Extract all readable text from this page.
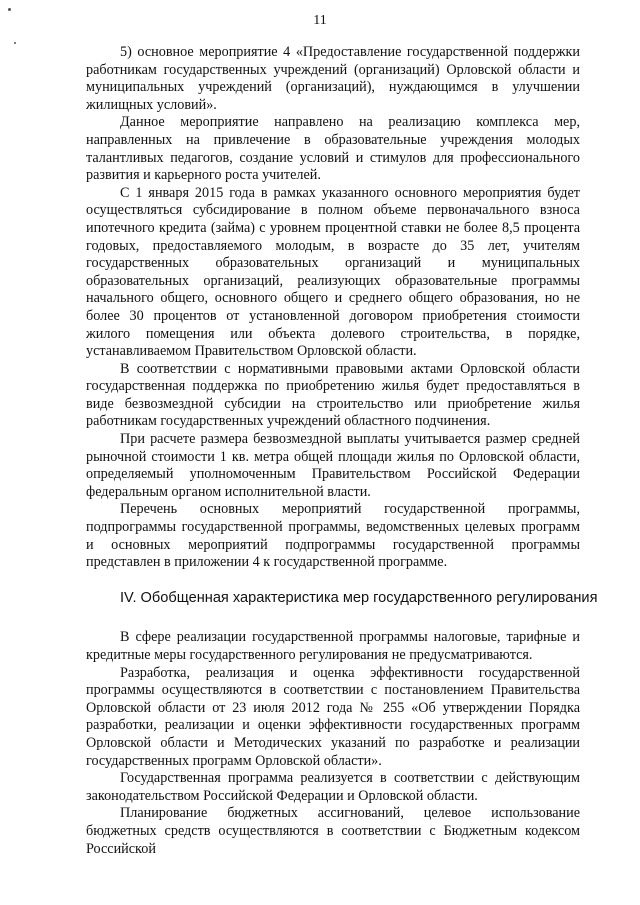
11

5) основное мероприятие 4 «Предоставление государственной поддержки работникам государственных учреждений (организаций) Орловской области и муниципальных учреждений (организаций), нуждающимся в улучшении жилищных условий».

Данное мероприятие направлено на реализацию комплекса мер, направленных на привлечение в образовательные учреждения молодых талантливых педагогов, создание условий и стимулов для профессионального развития и карьерного роста учителей.

С 1 января 2015 года в рамках указанного основного мероприятия будет осуществляться субсидирование в полном объеме первоначального взноса ипотечного кредита (займа) с уровнем процентной ставки не более 8,5 процента годовых, предоставляемого молодым, в возрасте до 35 лет, учителям государственных образовательных организаций и муниципальных образовательных организаций, реализующих образовательные программы начального общего, основного общего и среднего общего образования, но не более 30 процентов от установленной договором приобретения стоимости жилого помещения или объекта долевого строительства, в порядке, устанавливаемом Правительством Орловской области.

В соответствии с нормативными правовыми актами Орловской области государственная поддержка по приобретению жилья будет предоставляться в виде безвозмездной субсидии на строительство или приобретение жилья работникам государственных учреждений областного подчинения.

При расчете размера безвозмездной выплаты учитывается размер средней рыночной стоимости 1 кв. метра общей площади жилья по Орловской области, определяемый уполномоченным Правительством Российской Федерации федеральным органом исполнительной власти.

Перечень основных мероприятий государственной программы, подпрограммы государственной программы, ведомственных целевых программ и основных мероприятий подпрограммы государственной программы представлен в приложении 4 к государственной программе.

IV. Обобщенная характеристика мер государственного регулирования

В сфере реализации государственной программы налоговые, тарифные и кредитные меры государственного регулирования не предусматриваются.

Разработка, реализация и оценка эффективности государственной программы осуществляются в соответствии с постановлением Правительства Орловской области от 23 июля 2012 года № 255 «Об утверждении Порядка разработки, реализации и оценки эффективности государственных программ Орловской области и Методических указаний по разработке и реализации государственных программ Орловской области».

Государственная программа реализуется в соответствии с действующим законодательством Российской Федерации и Орловской области.

Планирование бюджетных ассигнований, целевое использование бюджетных средств осуществляются в соответствии с Бюджетным кодексом Российской
